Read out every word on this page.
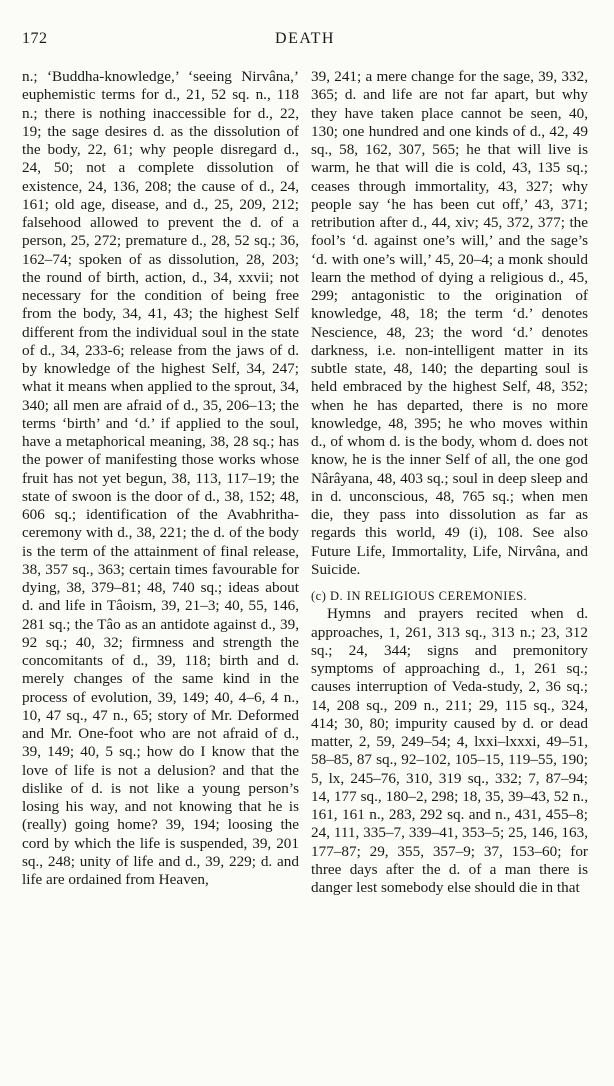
172	DEATH

n.; ‘Buddha-knowledge,’ ‘seeing Nirvâna,’ euphemistic terms for d., 21, 52 sq. n., 118 n.; there is nothing inaccessible for d., 22, 19; the sage desires d. as the dissolution of the body, 22, 61; why people disregard d., 24, 50; not a complete dissolution of existence, 24, 136, 208; the cause of d., 24, 161; old age, disease, and d., 25, 209, 212; falsehood allowed to prevent the d. of a person, 25, 272; premature d., 28, 52 sq.; 36, 162–74; spoken of as dissolution, 28, 203; the round of birth, action, d., 34, xxvii; not necessary for the condition of being free from the body, 34, 41, 43; the highest Self different from the individual soul in the state of d., 34, 233-6; release from the jaws of d. by knowledge of the highest Self, 34, 247; what it means when applied to the sprout, 34, 340; all men are afraid of d., 35, 206–13; the terms ‘birth’ and ‘d.’ if applied to the soul, have a metaphorical meaning, 38, 28 sq.; has the power of manifesting those works whose fruit has not yet begun, 38, 113, 117–19; the state of swoon is the door of d., 38, 152; 48, 606 sq.; identification of the Avabhritha-ceremony with d., 38, 221; the d. of the body is the term of the attainment of final release, 38, 357 sq., 363; certain times favourable for dying, 38, 379–81; 48, 740 sq.; ideas about d. and life in Tâoism, 39, 21–3; 40, 55, 146, 281 sq.; the Tâo as an antidote against d., 39, 92 sq.; 40, 32; firmness and strength the concomitants of d., 39, 118; birth and d. merely changes of the same kind in the process of evolution, 39, 149; 40, 4–6, 4 n., 10, 47 sq., 47 n., 65; story of Mr. Deformed and Mr. One-foot who are not afraid of d., 39, 149; 40, 5 sq.; how do I know that the love of life is not a delusion? and that the dislike of d. is not like a young person’s losing his way, and not knowing that he is (really) going home? 39, 194; loosing the cord by which the life is suspended, 39, 201 sq., 248; unity of life and d., 39, 229; d. and life are ordained from Heaven,

39, 241; a mere change for the sage, 39, 332, 365; d. and life are not far apart, but why they have taken place cannot be seen, 40, 130; one hundred and one kinds of d., 42, 49 sq., 58, 162, 307, 565; he that will live is warm, he that will die is cold, 43, 135 sq.; ceases through immortality, 43, 327; why people say ‘he has been cut off,’ 43, 371; retribution after d., 44, xiv; 45, 372, 377; the fool’s ‘d. against one’s will,’ and the sage’s ‘d. with one’s will,’ 45, 20–4; a monk should learn the method of dying a religious d., 45, 299; antagonistic to the origination of knowledge, 48, 18; the term ‘d.’ denotes Nescience, 48, 23; the word ‘d.’ denotes darkness, i.e. non-intelligent matter in its subtle state, 48, 140; the departing soul is held embraced by the highest Self, 48, 352; when he has departed, there is no more knowledge, 48, 395; he who moves within d., of whom d. is the body, whom d. does not know, he is the inner Self of all, the one god Nârâyana, 48, 403 sq.; soul in deep sleep and in d. unconscious, 48, 765 sq.; when men die, they pass into dissolution as far as regards this world, 49 (i), 108. See also Future Life, Immortality, Life, Nirvâna, and Suicide.

(c) D. IN RELIGIOUS CEREMONIES.

Hymns and prayers recited when d. approaches, 1, 261, 313 sq., 313 n.; 23, 312 sq.; 24, 344; signs and premonitory symptoms of approaching d., 1, 261 sq.; causes interruption of Veda-study, 2, 36 sq.; 14, 208 sq., 209 n., 211; 29, 115 sq., 324, 414; 30, 80; impurity caused by d. or dead matter, 2, 59, 249–54; 4, lxxi–lxxxi, 49–51, 58–85, 87 sq., 92–102, 105–15, 119–55, 190; 5, lx, 245–76, 310, 319 sq., 332; 7, 87–94; 14, 177 sq., 180–2, 298; 18, 35, 39–43, 52 n., 161, 161 n., 283, 292 sq. and n., 431, 455–8; 24, 111, 335–7, 339–41, 353–5; 25, 146, 163, 177–87; 29, 355, 357–9; 37, 153–60; for three days after the d. of a man there is danger lest somebody else should die in that
